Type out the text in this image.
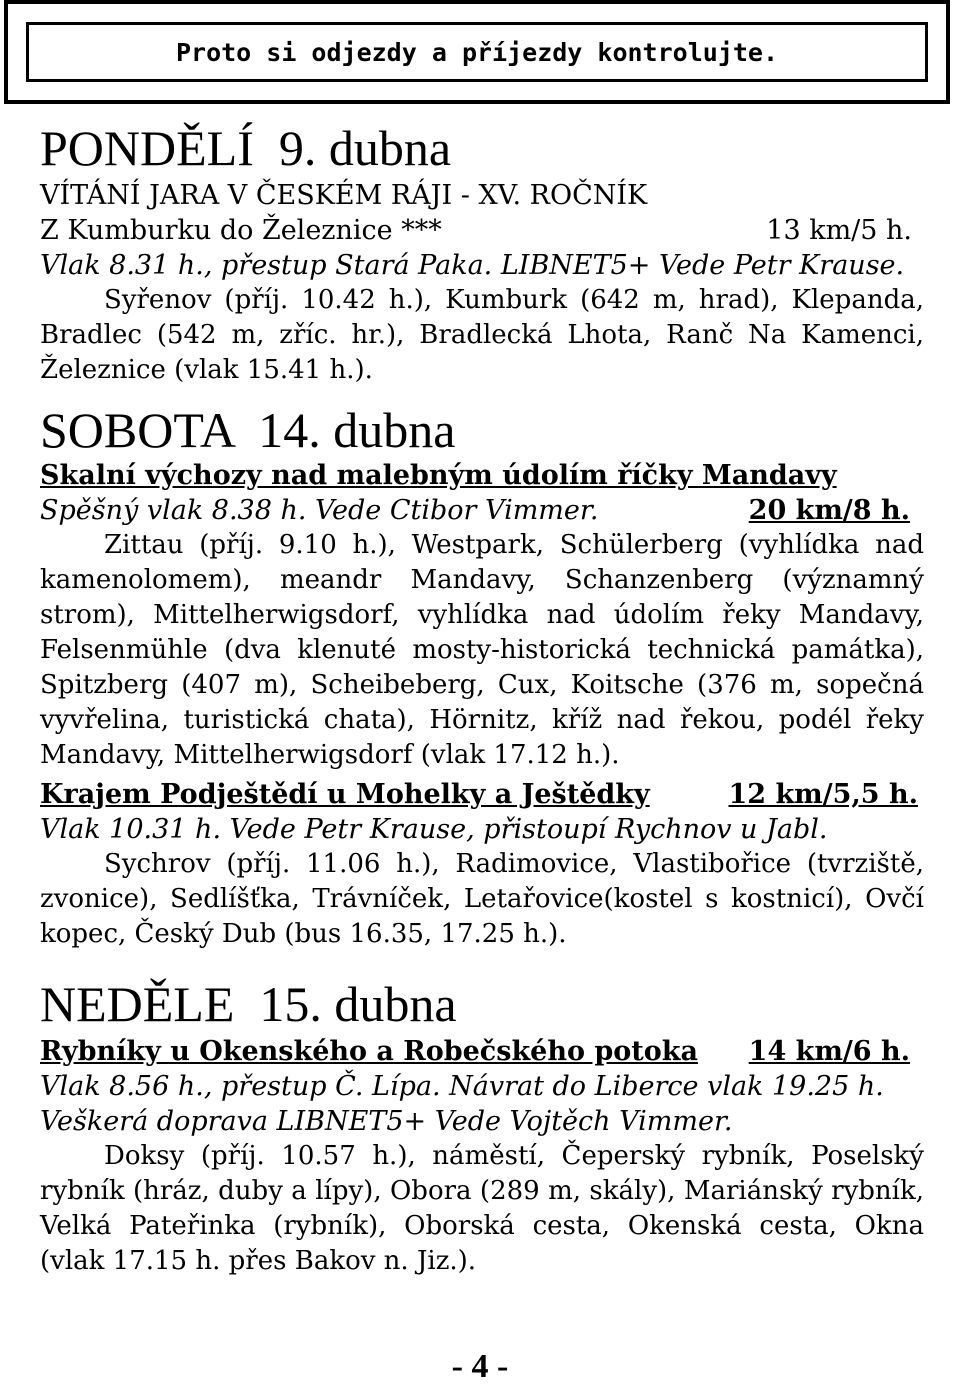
Proto si odjezdy a příjezdy kontrolujte.
PONDĚLÍ  9. dubna
VÍTÁNÍ JARA V ČESKÉM RÁJI - XV. ROČNÍK
Z Kumburku do Železnice ***	13 km/5 h.
Vlak 8.31 h., přestup Stará Paka. LIBNET5+ Vede Petr Krause.
Syřenov (příj. 10.42 h.), Kumburk (642 m, hrad), Klepanda, Bradlec (542 m, zříc. hr.), Bradlecká Lhota, Ranč Na Kamenci, Železnice (vlak 15.41 h.).
SOBOTA  14. dubna
Skalní výchozy nad malebným údolím říčky Mandavy
Spěšný vlak 8.38 h. Vede Ctibor Vimmer.	20 km/8 h.
Zittau (příj. 9.10 h.), Westpark, Schülerberg (vyhlídka nad kamenolomem), meandr Mandavy, Schanzenberg (významný strom), Mittelherwigsdorf, vyhlídka nad údolím řeky Mandavy, Felsenmühle (dva klenuté mosty-historická technická památka), Spitzberg (407 m), Scheibeberg, Cux, Koitsche (376 m, sopečná vyvřelina, turistická chata), Hörnitz, kříž nad řekou, podél řeky Mandavy, Mittelherwigsdorf (vlak 17.12 h.).
Krajem Podještědí u Mohelky a Ještědky	12 km/5,5 h.
Vlak 10.31 h. Vede Petr Krause, přistoupí Rychnov u Jabl.
Sychrov (příj. 11.06 h.), Radimovice, Vlastibořice (tvrziště, zvonice), Sedlíšťka, Trávníček, Letařovice(kostel s kostnicí), Ovčí kopec, Český Dub (bus 16.35, 17.25 h.).
NEDĚLE  15. dubna
Rybníky u Okenského a Robečského potoka 14 km/6 h.
Vlak 8.56 h., přestup Č. Lípa. Návrat do Liberce vlak 19.25 h.
Veškerá doprava LIBNET5+ Vede Vojtěch Vimmer.
Doksy (příj. 10.57 h.), náměstí, Čeperský rybník, Poselský rybník (hráz, duby a lípy), Obora (289 m, skály), Mariánský rybník, Velká Pateřinka (rybník), Oborská cesta, Okenská cesta, Okna (vlak 17.15 h. přes Bakov n. Jiz.).
- 4 -
